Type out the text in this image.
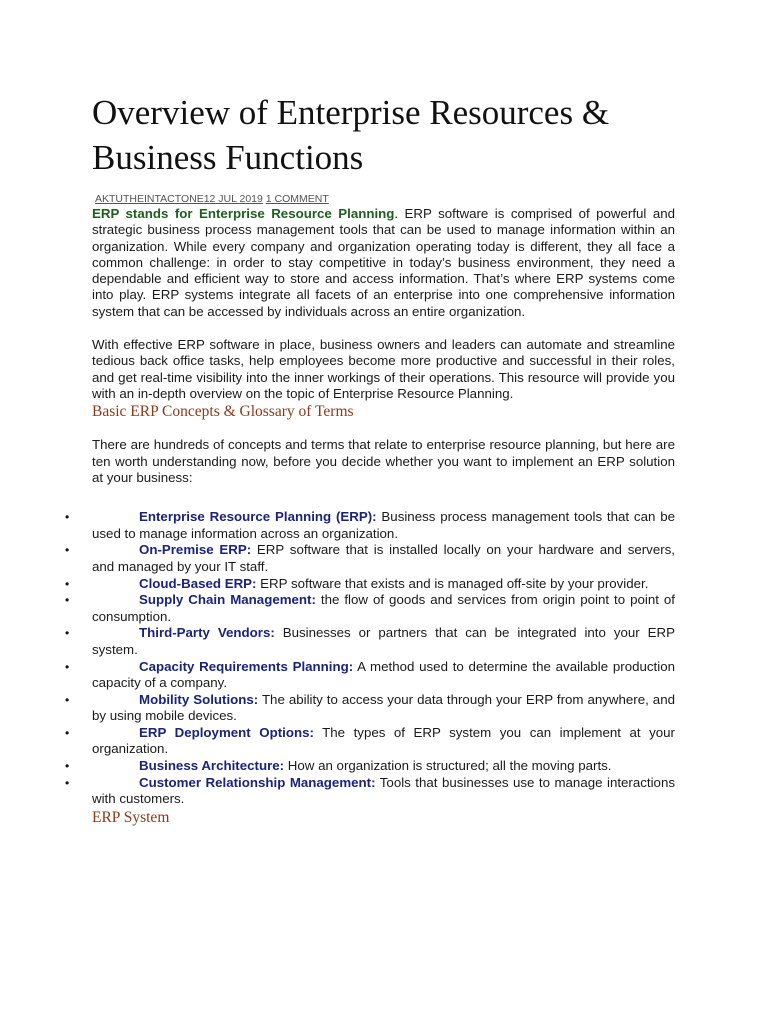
Overview of Enterprise Resources & Business Functions
AKTUTHEINTACTONE12 JUL 2019 1 COMMENT

ERP stands for Enterprise Resource Planning. ERP software is comprised of powerful and strategic business process management tools that can be used to manage information within an organization. While every company and organization operating today is different, they all face a common challenge: in order to stay competitive in today’s business environment, they need a dependable and efficient way to store and access information. That’s where ERP systems come into play. ERP systems integrate all facets of an enterprise into one comprehensive information system that can be accessed by individuals across an entire organization.

With effective ERP software in place, business owners and leaders can automate and streamline tedious back office tasks, help employees become more productive and successful in their roles, and get real-time visibility into the inner workings of their operations. This resource will provide you with an in-depth overview on the topic of Enterprise Resource Planning.

Basic ERP Concepts & Glossary of Terms

There are hundreds of concepts and terms that relate to enterprise resource planning, but here are ten worth understanding now, before you decide whether you want to implement an ERP solution at your business:

•	Enterprise Resource Planning (ERP): Business process management tools that can be used to manage information across an organization.
•	On-Premise ERP: ERP software that is installed locally on your hardware and servers, and managed by your IT staff.
•	Cloud-Based ERP: ERP software that exists and is managed off-site by your provider.
•	Supply Chain Management: the flow of goods and services from origin point to point of consumption.
•	Third-Party Vendors: Businesses or partners that can be integrated into your ERP system.
•	Capacity Requirements Planning: A method used to determine the available production capacity of a company.
•	Mobility Solutions: The ability to access your data through your ERP from anywhere, and by using mobile devices.
•	ERP Deployment Options: The types of ERP system you can implement at your organization.
•	Business Architecture: How an organization is structured; all the moving parts.
•	Customer Relationship Management: Tools that businesses use to manage interactions with customers.
ERP System
